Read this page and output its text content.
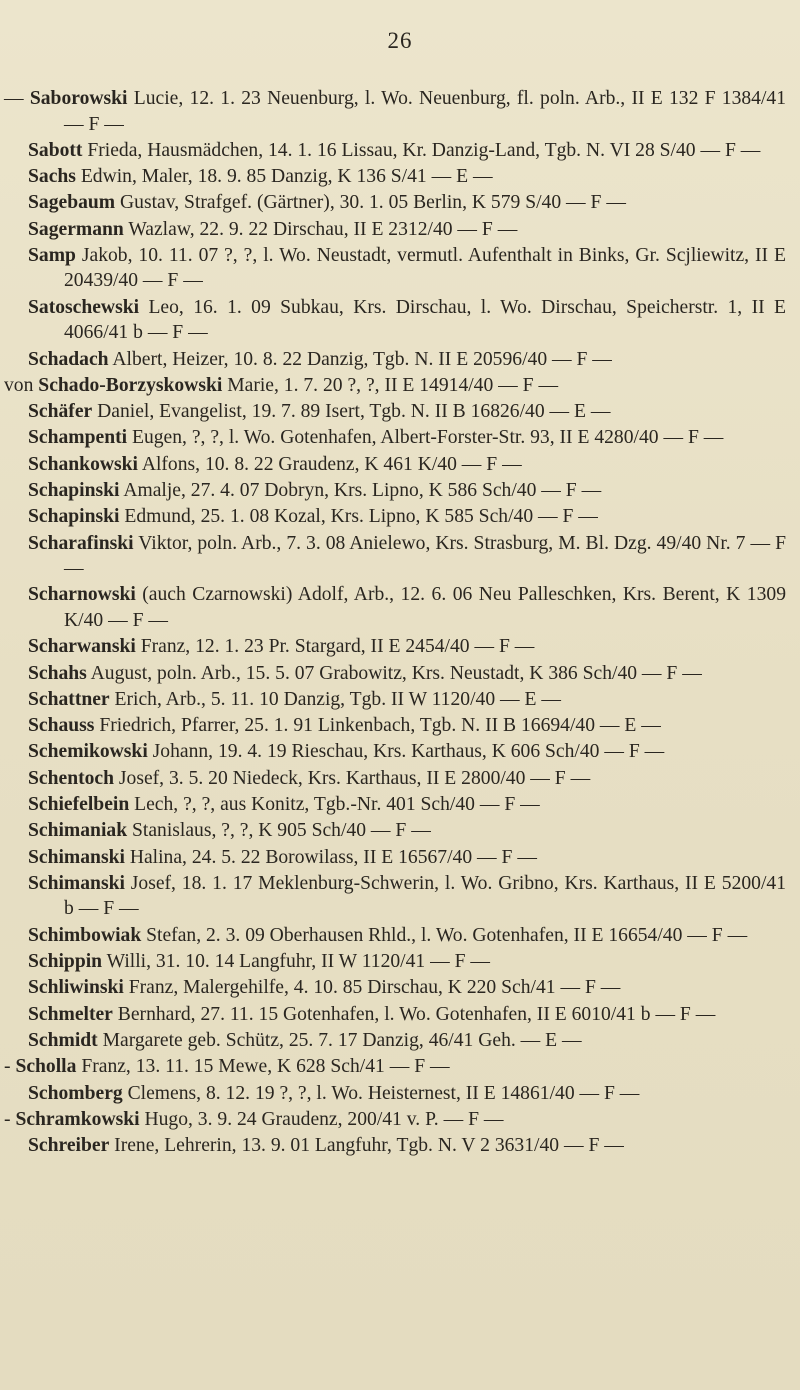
26
— Saborowski Lucie, 12. 1. 23 Neuenburg, l. Wo. Neuenburg, fl. poln. Arb., II E 132 F 1384/41 — F —
Sabott Frieda, Hausmädchen, 14. 1. 16 Lissau, Kr. Danzig-Land, Tgb. N. VI 28 S/40 — F —
Sachs Edwin, Maler, 18. 9. 85 Danzig, K 136 S/41 — E —
Sagebaum Gustav, Strafgef. (Gärtner), 30. 1. 05 Berlin, K 579 S/40 — F —
Sagermann Wazlaw, 22. 9. 22 Dirschau, II E 2312/40 — F —
Samp Jakob, 10. 11. 07 ?, ?, l. Wo. Neustadt, vermutl. Aufenthalt in Binks, Gr. Scjliewitz, II E 20439/40 — F —
Satoschewski Leo, 16. 1. 09 Subkau, Krs. Dirschau, l. Wo. Dirschau, Speicherstr. 1, II E 4066/41 b — F —
Schadach Albert, Heizer, 10. 8. 22 Danzig, Tgb. N. II E 20596/40 — F —
von Schado-Borzyskowski Marie, 1. 7. 20 ?, ?, II E 14914/40 — F —
Schäfer Daniel, Evangelist, 19. 7. 89 Isert, Tgb. N. II B 16826/40 — E —
Schampenti Eugen, ?, ?, l. Wo. Gotenhafen, Albert-Forster-Str. 93, II E 4280/40 — F —
Schankowski Alfons, 10. 8. 22 Graudenz, K 461 K/40 — F —
Schapinski Amalje, 27. 4. 07 Dobryn, Krs. Lipno, K 586 Sch/40 — F —
Schapinski Edmund, 25. 1. 08 Kozal, Krs. Lipno, K 585 Sch/40 — F —
Scharafinski Viktor, poln. Arb., 7. 3. 08 Anielewo, Krs. Strasburg, M. Bl. Dzg. 49/40 Nr. 7 — F —
Scharnowski (auch Czarnowski) Adolf, Arb., 12. 6. 06 Neu Palleschken, Krs. Berent, K 1309 K/40 — F —
Scharwanski Franz, 12. 1. 23 Pr. Stargard, II E 2454/40 — F —
Schahs August, poln. Arb., 15. 5. 07 Grabowitz, Krs. Neustadt, K 386 Sch/40 — F —
Schattner Erich, Arb., 5. 11. 10 Danzig, Tgb. II W 1120/40 — E —
Schauss Friedrich, Pfarrer, 25. 1. 91 Linkenbach, Tgb. N. II B 16694/40 — E —
Schemikowski Johann, 19. 4. 19 Rieschau, Krs. Karthaus, K 606 Sch/40 — F —
Schentoch Josef, 3. 5. 20 Niedeck, Krs. Karthaus, II E 2800/40 — F —
Schiefelbein Lech, ?, ?, aus Konitz, Tgb.-Nr. 401 Sch/40 — F —
Schimaniak Stanislaus, ?, ?, K 905 Sch/40 — F —
Schimanski Halina, 24. 5. 22 Borowilass, II E 16567/40 — F —
Schimanski Josef, 18. 1. 17 Meklenburg-Schwerin, l. Wo. Gribno, Krs. Karthaus, II E 5200/41 b — F —
Schimbowiak Stefan, 2. 3. 09 Oberhausen Rhld., l. Wo. Gotenhafen, II E 16654/40 — F —
Schippin Willi, 31. 10. 14 Langfuhr, II W 1120/41 — F —
Schliwinski Franz, Malergehilfe, 4. 10. 85 Dirschau, K 220 Sch/41 — F —
Schmelter Bernhard, 27. 11. 15 Gotenhafen, l. Wo. Gotenhafen, II E 6010/41 b — F —
Schmidt Margarete geb. Schütz, 25. 7. 17 Danzig, 46/41 Geh. — E —
- Scholla Franz, 13. 11. 15 Mewe, K 628 Sch/41 — F —
Schomberg Clemens, 8. 12. 19 ?, ?, l. Wo. Heisternest, II E 14861/40 — F —
- Schramkowski Hugo, 3. 9. 24 Graudenz, 200/41 v. P. — F —
Schreiber Irene, Lehrerin, 13. 9. 01 Langfuhr, Tgb. N. V 2 3631/40 — F —
